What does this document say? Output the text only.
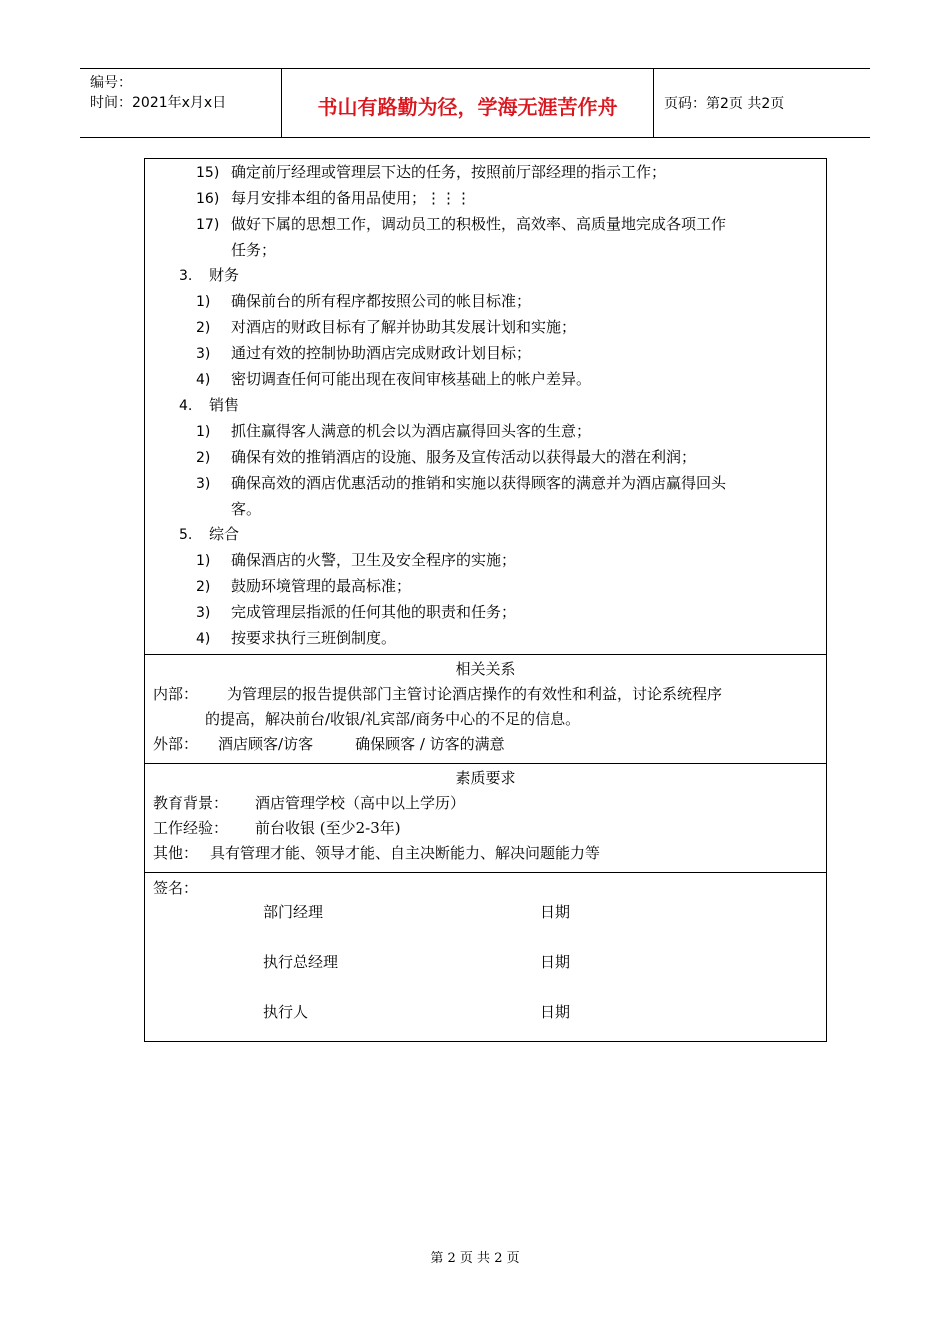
编号：
时间：2021年x月x日	书山有路勤为径，学海无涯苦作舟	页码：第2页 共2页
15) 确定前厅经理或管理层下达的任务，按照前厅部经理的指示工作；
16) 每月安排本组的备用品使用；⋮⋮⋮
17) 做好下属的思想工作，调动员工的积极性，高效率、高质量地完成各项工作
任务；
3. 财务
1) 确保前台的所有程序都按照公司的帐目标准；
2) 对酒店的财政目标有了解并协助其发展计划和实施；
3) 通过有效的控制协助酒店完成财政计划目标；
4) 密切调查任何可能出现在夜间审核基础上的帐户差异。
4. 销售
1) 抓住赢得客人满意的机会以为酒店赢得回头客的生意；
2) 确保有效的推销酒店的设施、服务及宣传活动以获得最大的潜在利润；
3) 确保高效的酒店优惠活动的推销和实施以获得顾客的满意并为酒店赢得回头
客。
5. 综合
1) 确保酒店的火警，卫生及安全程序的实施；
2) 鼓励环境管理的最高标准；
3) 完成管理层指派的任何其他的职责和任务；
4) 按要求执行三班倒制度。
相关关系
内部： 为管理层的报告提供部门主管讨论酒店操作的有效性和利益，讨论系统程序
的提高，解决前台/收银/礼宾部/商务中心的不足的信息。
外部： 酒店顾客/访客	确保顾客 / 访客的满意
素质要求
教育背景： 酒店管理学校（高中以上学历）
工作经验： 前台收银 (至少2-3年)
其他： 具有管理才能、领导才能、自主决断能力、解决问题能力等
签名：
部门经理	日期
执行总经理	日期
执行人	日期
第 2 页 共 2 页
